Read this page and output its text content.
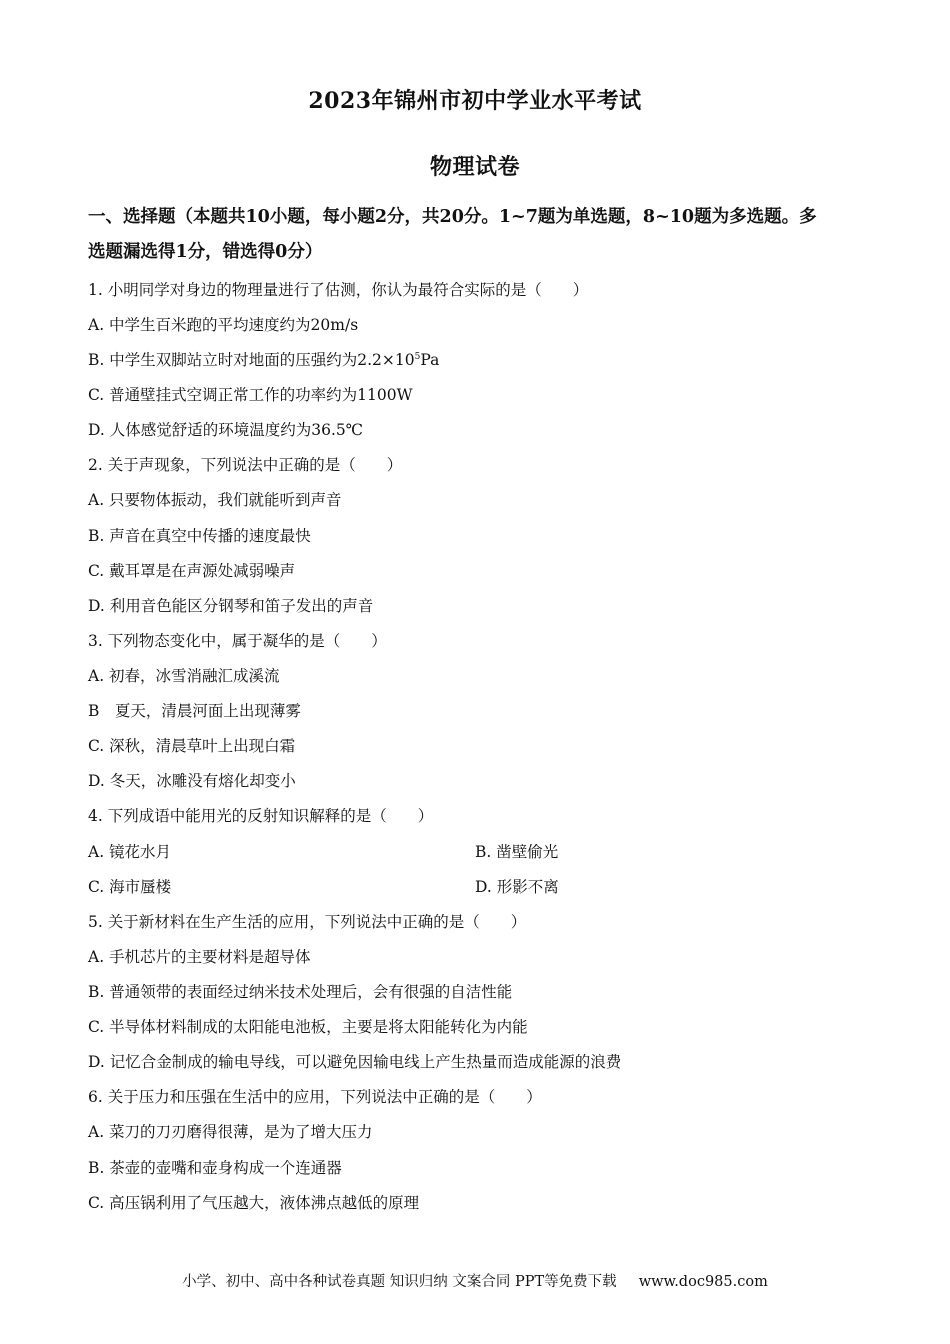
2023年锦州市初中学业水平考试
物理试卷
一、选择题（本题共10小题，每小题2分，共20分。1~7题为单选题，8~10题为多选题。多
选题漏选得1分，错选得0分）
1. 小明同学对身边的物理量进行了估测，你认为最符合实际的是（　　）
A. 中学生百米跑的平均速度约为20m/s
B. 中学生双脚站立时对地面的压强约为$2.2\times 10^5Pa$
C. 普通壁挂式空调正常工作的功率约为1100W
D. 人体感觉舒适的环境温度约为36.5℃
2. 关于声现象，下列说法中正确的是（　　）
A. 只要物体振动，我们就能听到声音
B. 声音在真空中传播的速度最快
C. 戴耳罩是在声源处减弱噪声
D. 利用音色能区分钢琴和笛子发出的声音
3. 下列物态变化中，属于凝华的是（　　）
A. 初春，冰雪消融汇成溪流
B　夏天，清晨河面上出现薄雾
C. 深秋，清晨草叶上出现白霜
D. 冬天，冰雕没有熔化却变小
4. 下列成语中能用光的反射知识解释的是（　　）
A. 镜花水月	B. 凿壁偷光
C. 海市蜃楼	D. 形影不离
5. 关于新材料在生产生活的应用，下列说法中正确的是（　　）
A. 手机芯片的主要材料是超导体
B. 普通领带的表面经过纳米技术处理后，会有很强的自洁性能
C. 半导体材料制成的太阳能电池板，主要是将太阳能转化为内能
D. 记忆合金制成的输电导线，可以避免因输电线上产生热量而造成能源的浪费
6. 关于压力和压强在生活中的应用，下列说法中正确的是（　　）
A. 菜刀的刀刃磨得很薄，是为了增大压力
B. 茶壶的壶嘴和壶身构成一个连通器
C. 高压锅利用了气压越大，液体沸点越低的原理
小学、初中、高中各种试卷真题 知识归纳 文案合同 PPT等免费下载 www.doc985.com
